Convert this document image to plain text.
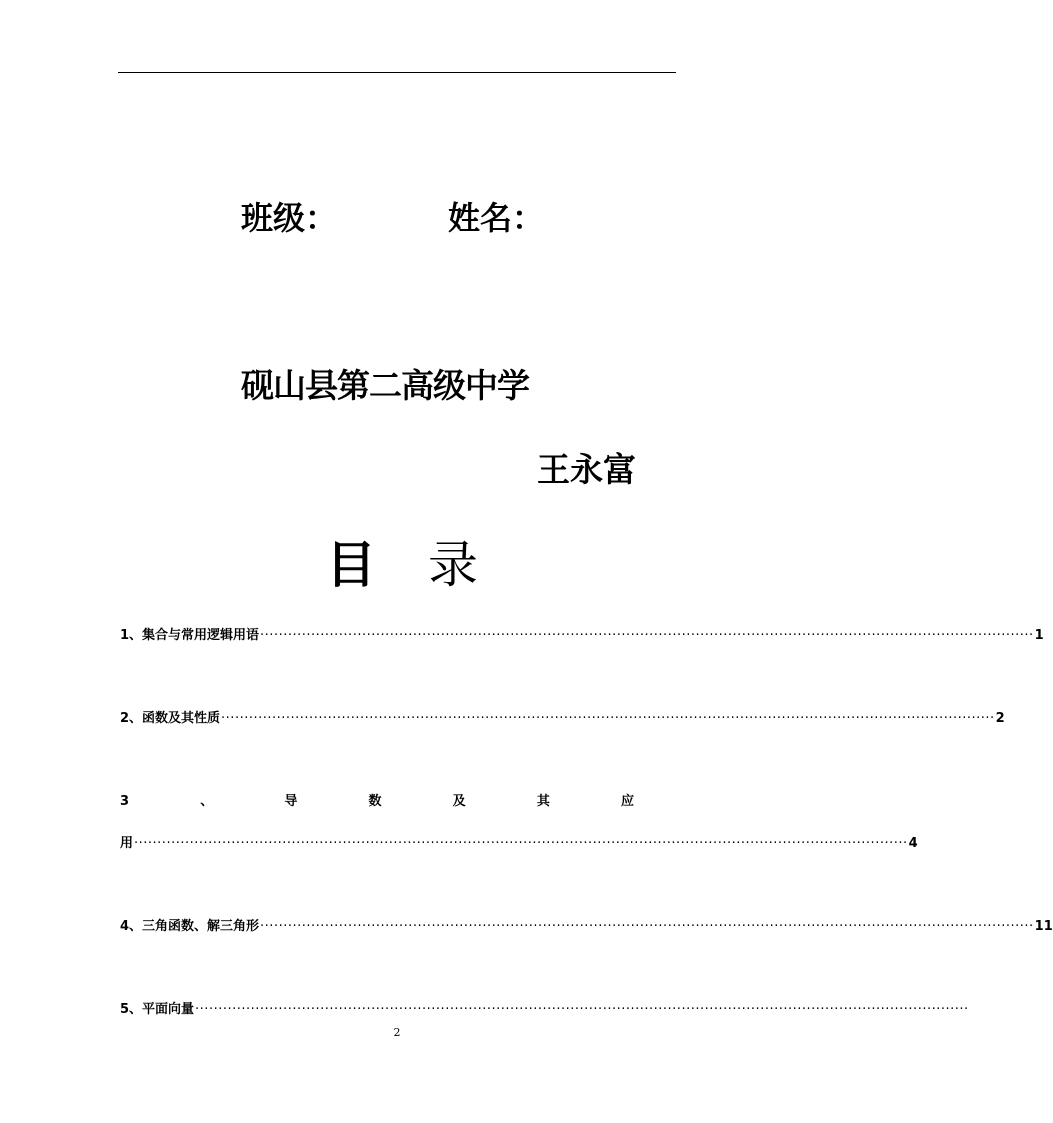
班级：	姓名：
砚山县第二高级中学
王永富
目 录
1、集合与常用逻辑用语 ······································································································································································· 1
2、函数及其性质 ······································································································································································· 2
3	、	导	数	及	其	应
用 ······································································································································································· 4
4、三角函数、解三角形 ······································································································································································· 11
5、平面向量 ·······································································································································································
2
